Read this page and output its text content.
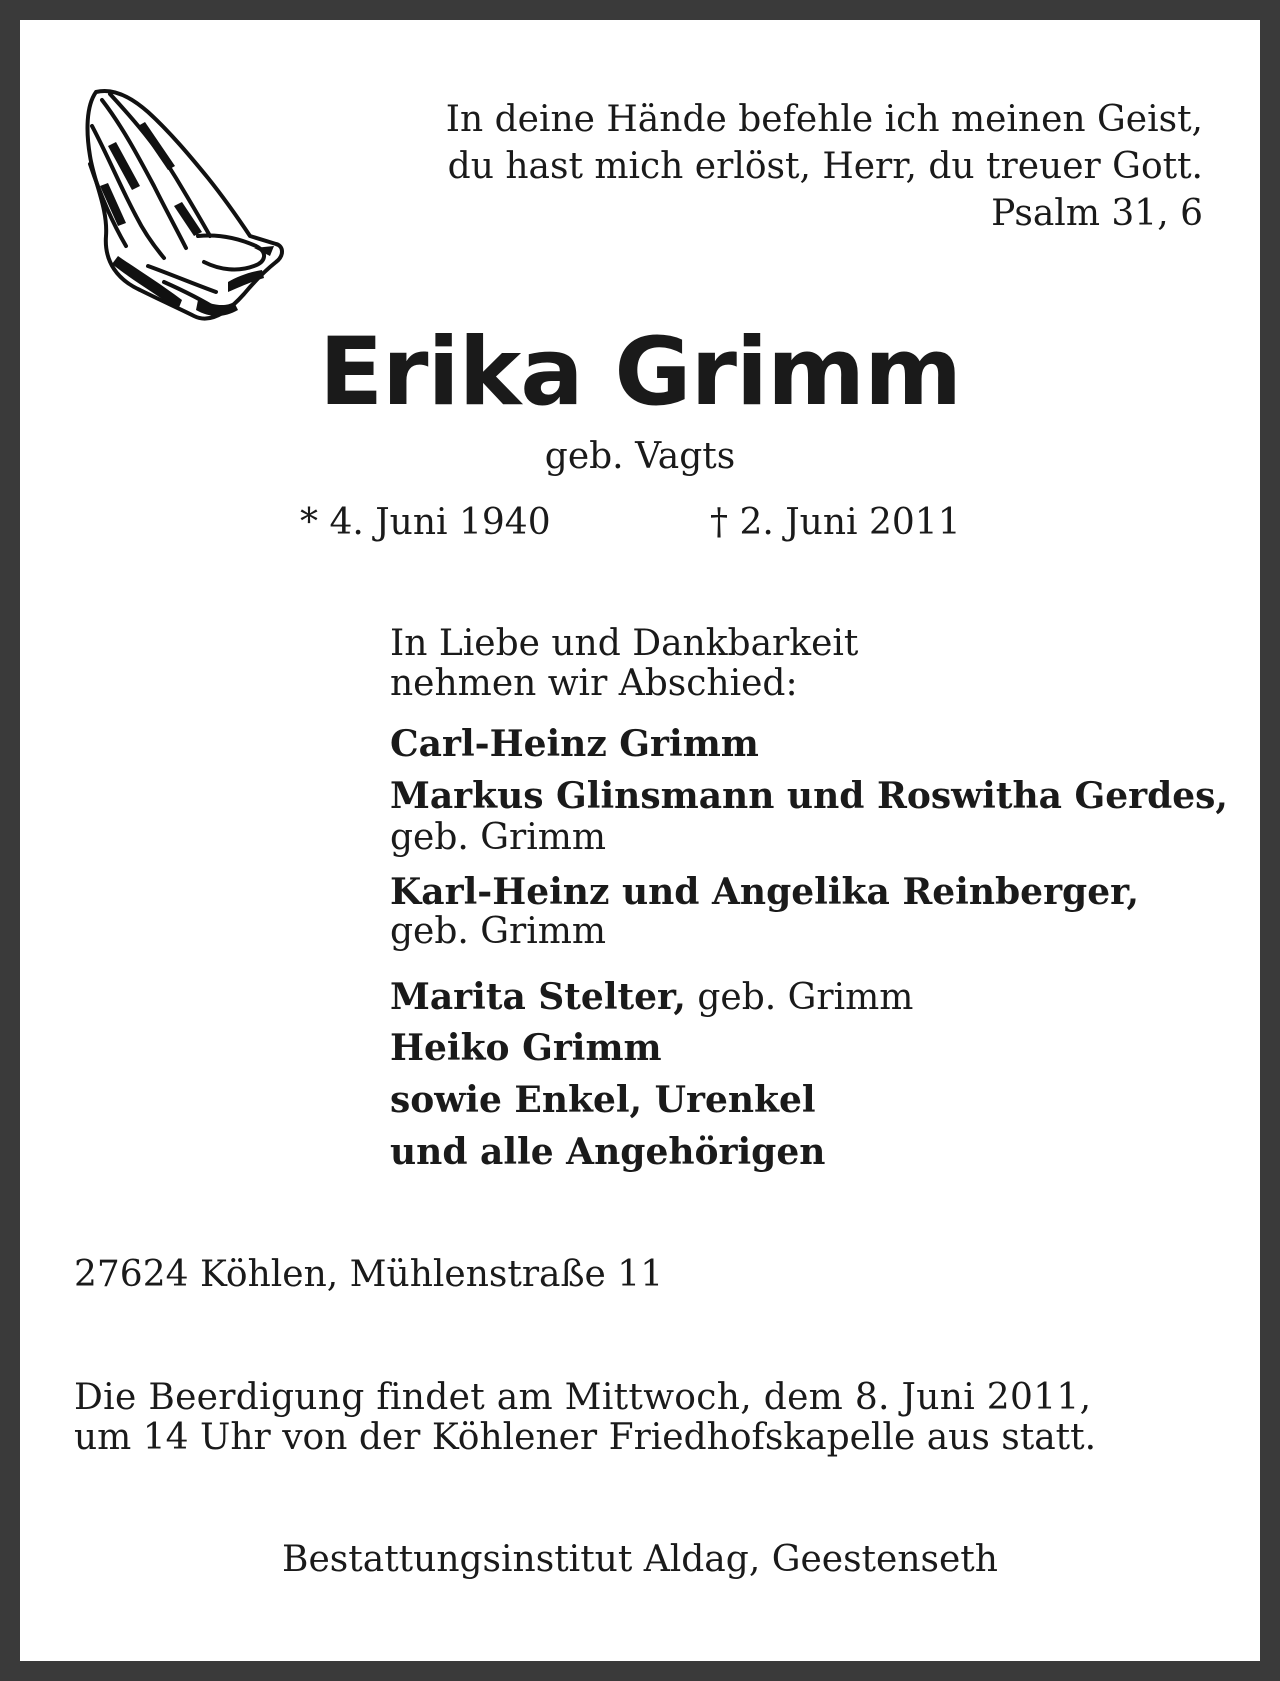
In deine Hände befehle ich meinen Geist,

du hast mich erlöst, Herr, du treuer Gott.

Psalm 31, 6

Erika Grimm

geb. Vagts

* 4. Juni 1940	† 2. Juni 2011

In Liebe und Dankbarkeit

nehmen wir Abschied:

Carl-Heinz Grimm

Markus Glinsmann und Roswitha Gerdes,

geb. Grimm

Karl-Heinz und Angelika Reinberger,

geb. Grimm

Marita Stelter, geb. Grimm

Heiko Grimm

sowie Enkel, Urenkel

und alle Angehörigen

27624 Köhlen, Mühlenstraße 11

Die Beerdigung findet am Mittwoch, dem 8. Juni 2011,

um 14 Uhr von der Köhlener Friedhofskapelle aus statt.

Bestattungsinstitut Aldag, Geestenseth
